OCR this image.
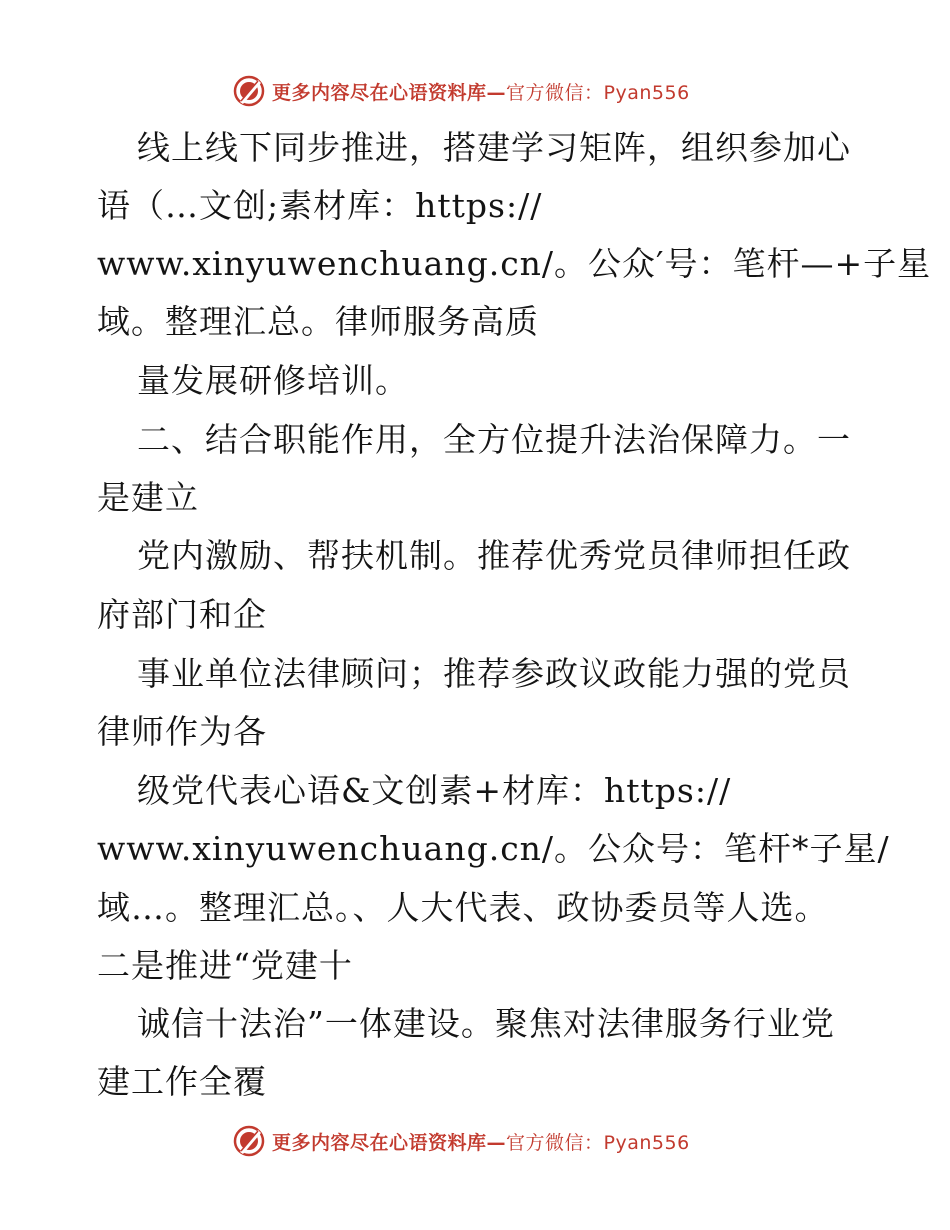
更多内容尽在心语资料库—官方微信：Pyan556
线上线下同步推进，搭建学习矩阵，组织参加心
语（…文创;素材库：https://
www.xinyuwenchuang.cn/。公众′号：笔杆—+子星
域。整理汇总。律师服务高质
量发展研修培训。
二、结合职能作用，全方位提升法治保障力。一
是建立
党内激励、帮扶机制。推荐优秀党员律师担任政
府部门和企
事业单位法律顾问；推荐参政议政能力强的党员
律师作为各
级党代表心语&文创素+材库：https://
www.xinyuwenchuang.cn/。公众号：笔杆*子星/
域…。整理汇总。、人大代表、政协委员等人选。
二是推进“党建十
诚信十法治”一体建设。聚焦对法律服务行业党
建工作全覆
更多内容尽在心语资料库—官方微信：Pyan556
